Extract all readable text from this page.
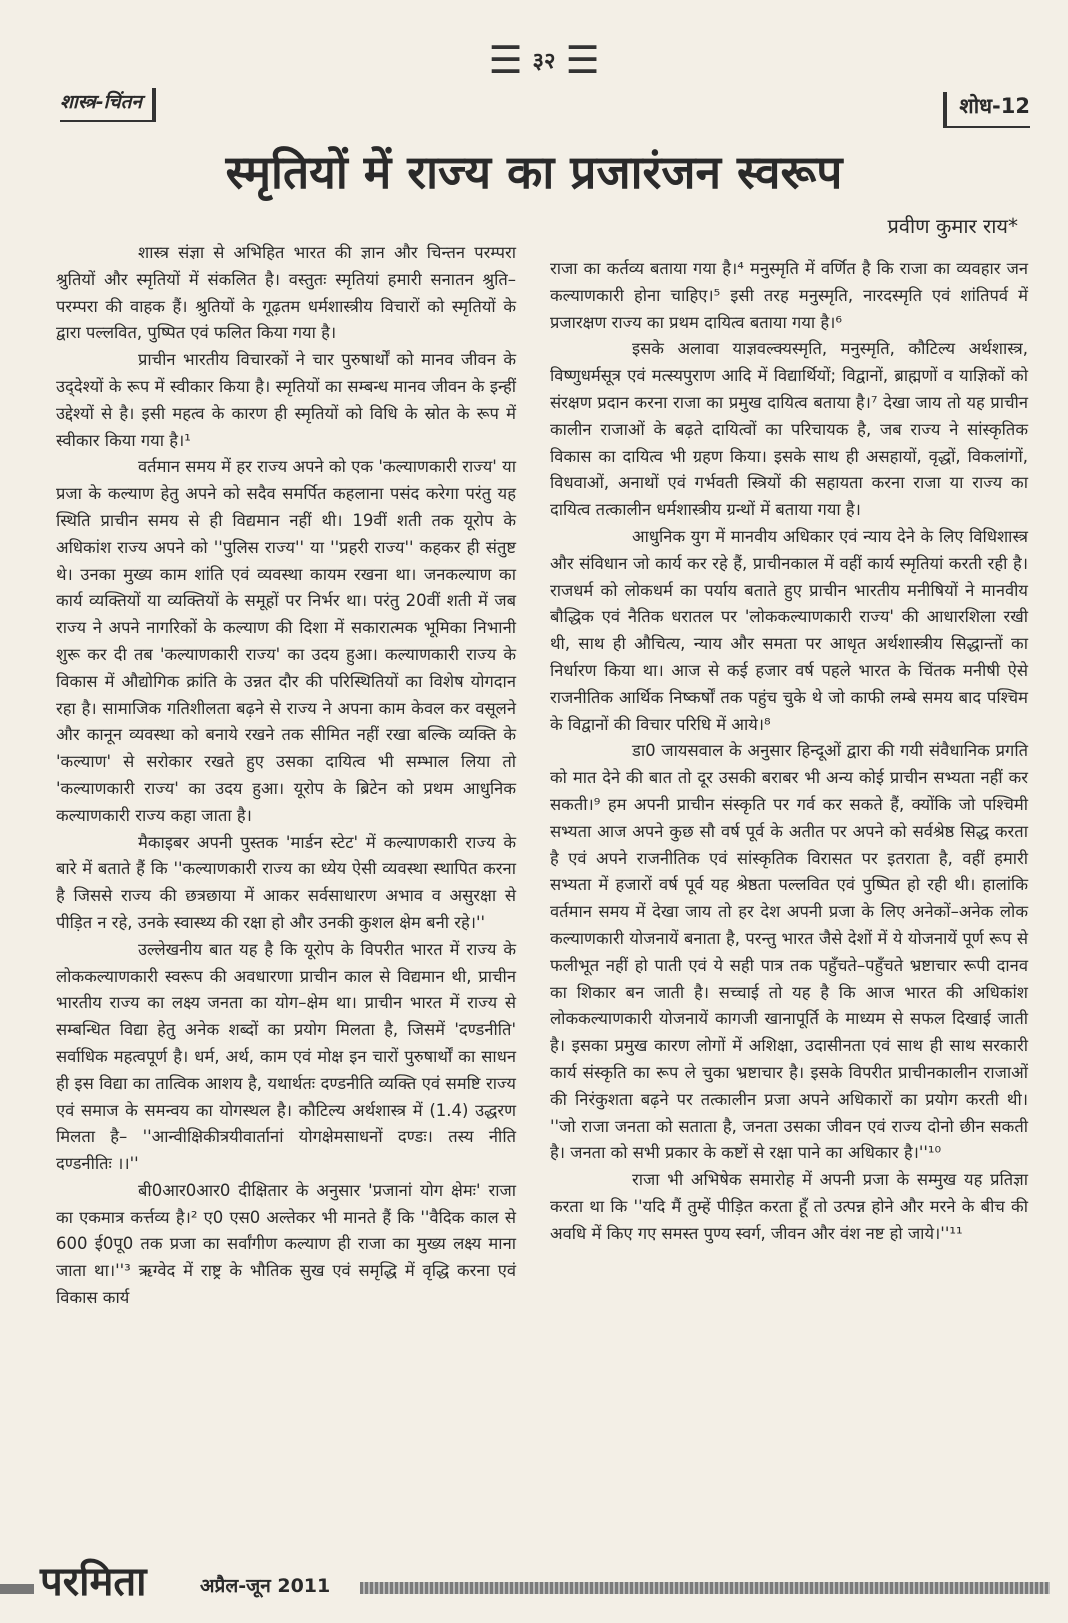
☰ ३२ ☰
शास्त्र-चिंतन	शोध-12
स्मृतियों में राज्य का प्रजारंजन स्वरूप
प्रवीण कुमार राय*

शास्त्र संज्ञा से अभिहित भारत की ज्ञान और चिन्तन परम्परा श्रुतियों और स्मृतियों में संकलित है। वस्तुतः स्मृतियां हमारी सनातन श्रुति–परम्परा की वाहक हैं। श्रुतियों के गूढ़तम धर्मशास्त्रीय विचारों को स्मृतियों के द्वारा पल्लवित, पुष्पित एवं फलित किया गया है।

प्राचीन भारतीय विचारकों ने चार पुरुषार्थों को मानव जीवन के उद्‌देश्यों के रूप में स्वीकार किया है। स्मृतियों का सम्बन्ध मानव जीवन के इन्हीं उद्देश्यों से है। इसी महत्व के कारण ही स्मृतियों को विधि के स्रोत के रूप में स्वीकार किया गया है।¹

वर्तमान समय में हर राज्य अपने को एक 'कल्याणकारी राज्य' या प्रजा के कल्याण हेतु अपने को सदैव समर्पित कहलाना पसंद करेगा परंतु यह स्थिति प्राचीन समय से ही विद्यमान नहीं थी। 19वीं शती तक यूरोप के अधिकांश राज्य अपने को ''पुलिस राज्य'' या ''प्रहरी राज्य'' कहकर ही संतुष्ट थे। उनका मुख्य काम शांति एवं व्यवस्था कायम रखना था। जनकल्याण का कार्य व्यक्तियों या व्यक्तियों के समूहों पर निर्भर था। परंतु 20वीं शती में जब राज्य ने अपने नागरिकों के कल्याण की दिशा में सकारात्मक भूमिका निभानी शुरू कर दी तब 'कल्याणकारी राज्य' का उदय हुआ। कल्याणकारी राज्य के विकास में औद्योगिक क्रांति के उन्नत दौर की परिस्थितियों का विशेष योगदान रहा है। सामाजिक गतिशीलता बढ़ने से राज्य ने अपना काम केवल कर वसूलने और कानून व्यवस्था को बनाये रखने तक सीमित नहीं रखा बल्कि व्यक्ति के 'कल्याण' से सरोकार रखते हुए उसका दायित्व भी सम्भाल लिया तो 'कल्याणकारी राज्य' का उदय हुआ। यूरोप के ब्रिटेन को प्रथम आधुनिक कल्याणकारी राज्य कहा जाता है।

मैकाइबर अपनी पुस्तक 'मार्डन स्टेट' में कल्याणकारी राज्य के बारे में बताते हैं कि ''कल्याणकारी राज्य का ध्येय ऐसी व्यवस्था स्थापित करना है जिससे राज्य की छत्रछाया में आकर सर्वसाधारण अभाव व असुरक्षा से पीड़ित न रहे, उनके स्वास्थ्य की रक्षा हो और उनकी कुशल क्षेम बनी रहे।''

उल्लेखनीय बात यह है कि यूरोप के विपरीत भारत में राज्य के लोककल्याणकारी स्वरूप की अवधारणा प्राचीन काल से विद्यमान थी, प्राचीन भारतीय राज्य का लक्ष्य जनता का योग–क्षेम था। प्राचीन भारत में राज्य से सम्बन्धित विद्या हेतु अनेक शब्दों का प्रयोग मिलता है, जिसमें 'दण्डनीति' सर्वाधिक महत्वपूर्ण है। धर्म, अर्थ, काम एवं मोक्ष इन चारों पुरुषार्थों का साधन ही इस विद्या का तात्विक आशय है, यथार्थतः दण्डनीति व्यक्ति एवं समष्टि राज्य एवं समाज के समन्वय का योगस्थल है। कौटिल्य अर्थशास्त्र में (1.4) उद्धरण मिलता है– ''आन्वीक्षिकीत्रयीवार्तानां योगक्षेमसाधनों दण्डः। तस्य नीति दण्डनीतिः ।।''

बी0आर0आर0 दीक्षितार के अनुसार 'प्रजानां योग क्षेमः' राजा का एकमात्र कर्त्तव्य है।² ए0 एस0 अल्तेकर भी मानते हैं कि ''वैदिक काल से 600 ई0पू0 तक प्रजा का सर्वांगीण कल्याण ही राजा का मुख्य लक्ष्य माना जाता था।''³ ऋग्वेद में राष्ट्र के भौतिक सुख एवं समृद्धि में वृद्धि करना एवं विकास कार्य

राजा का कर्तव्य बताया गया है।⁴ मनुस्मृति में वर्णित है कि राजा का व्यवहार जन कल्याणकारी होना चाहिए।⁵ इसी तरह मनुस्मृति, नारदस्मृति एवं शांतिपर्व में प्रजारक्षण राज्य का प्रथम दायित्व बताया गया है।⁶

इसके अलावा याज्ञवल्क्यस्मृति, मनुस्मृति, कौटिल्य अर्थशास्त्र, विष्णुधर्मसूत्र एवं मत्स्यपुराण आदि में विद्यार्थियों; विद्वानों, ब्राह्मणों व याज्ञिकों को संरक्षण प्रदान करना राजा का प्रमुख दायित्व बताया है।⁷ देखा जाय तो यह प्राचीन कालीन राजाओं के बढ़ते दायित्वों का परिचायक है, जब राज्य ने सांस्कृतिक विकास का दायित्व भी ग्रहण किया। इसके साथ ही असहायों, वृद्धों, विकलांगों, विधवाओं, अनाथों एवं गर्भवती स्त्रियों की सहायता करना राजा या राज्य का दायित्व तत्कालीन धर्मशास्त्रीय ग्रन्थों में बताया गया है।

आधुनिक युग में मानवीय अधिकार एवं न्याय देने के लिए विधिशास्त्र और संविधान जो कार्य कर रहे हैं, प्राचीनकाल में वहीं कार्य स्मृतियां करती रही है। राजधर्म को लोकधर्म का पर्याय बताते हुए प्राचीन भारतीय मनीषियों ने मानवीय बौद्धिक एवं नैतिक धरातल पर 'लोककल्याणकारी राज्य' की आधारशिला रखी थी, साथ ही औचित्य, न्याय और समता पर आधृत अर्थशास्त्रीय सिद्धान्तों का निर्धारण किया था। आज से कई हजार वर्ष पहले भारत के चिंतक मनीषी ऐसे राजनीतिक आर्थिक निष्कर्षों तक पहुंच चुके थे जो काफी लम्बे समय बाद पश्चिम के विद्वानों की विचार परिधि में आये।⁸

डा0 जायसवाल के अनुसार हिन्दूओं द्वारा की गयी संवैधानिक प्रगति को मात देने की बात तो दूर उसकी बराबर भी अन्य कोई प्राचीन सभ्यता नहीं कर सकती।⁹ हम अपनी प्राचीन संस्कृति पर गर्व कर सकते हैं, क्योंकि जो पश्चिमी सभ्यता आज अपने कुछ सौ वर्ष पूर्व के अतीत पर अपने को सर्वश्रेष्ठ सिद्ध करता है एवं अपने राजनीतिक एवं सांस्कृतिक विरासत पर इतराता है, वहीं हमारी सभ्यता में हजारों वर्ष पूर्व यह श्रेष्ठता पल्लवित एवं पुष्पित हो रही थी। हालांकि वर्तमान समय में देखा जाय तो हर देश अपनी प्रजा के लिए अनेकों–अनेक लोक कल्याणकारी योजनायें बनाता है, परन्तु भारत जैसे देशों में ये योजनायें पूर्ण रूप से फलीभूत नहीं हो पाती एवं ये सही पात्र तक पहुँचते–पहुँचते भ्रष्टाचार रूपी दानव का शिकार बन जाती है। सच्चाई तो यह है कि आज भारत की अधिकांश लोककल्याणकारी योजनायें कागजी खानापूर्ति के माध्यम से सफल दिखाई जाती है। इसका प्रमुख कारण लोगों में अशिक्षा, उदासीनता एवं साथ ही साथ सरकारी कार्य संस्कृति का रूप ले चुका भ्रष्टाचार है। इसके विपरीत प्राचीनकालीन राजाओं की निरंकुशता बढ़ने पर तत्कालीन प्रजा अपने अधिकारों का प्रयोग करती थी। ''जो राजा जनता को सताता है, जनता उसका जीवन एवं राज्य दोनो छीन सकती है। जनता को सभी प्रकार के कष्टों से रक्षा पाने का अधिकार है।''¹⁰

राजा भी अभिषेक समारोह में अपनी प्रजा के सम्मुख यह प्रतिज्ञा करता था कि ''यदि मैं तुम्हें पीड़ित करता हूँ तो उत्पन्न होने और मरने के बीच की अवधि में किए गए समस्त पुण्य स्वर्ग, जीवन और वंश नष्ट हो जाये।''¹¹

परमिता	अप्रैल-जून 2011
